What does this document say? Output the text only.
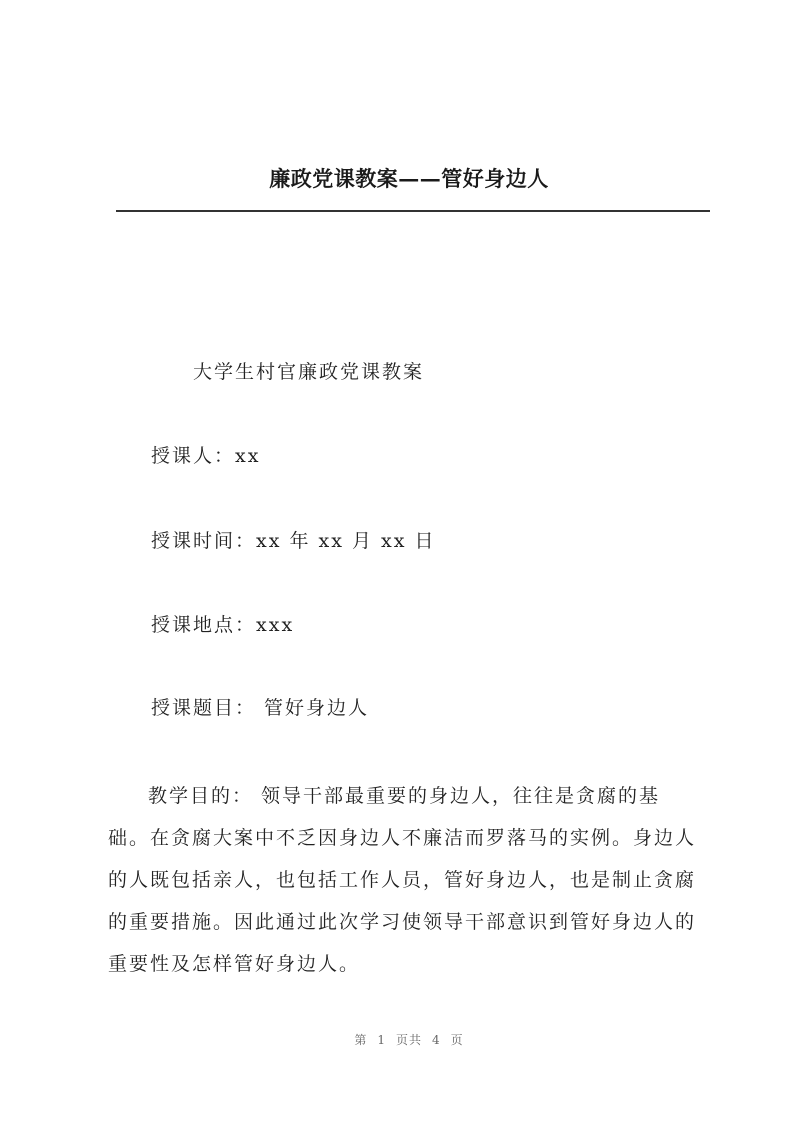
廉政党课教案——管好身边人
大学生村官廉政党课教案
授课人：xx
授课时间：xx 年 xx 月 xx 日
授课地点：xxx
授课题目： 管好身边人
教学目的： 领导干部最重要的身边人，往往是贪腐的基
础。在贪腐大案中不乏因身边人不廉洁而罗落马的实例。身边人
的人既包括亲人，也包括工作人员，管好身边人，也是制止贪腐
的重要措施。因此通过此次学习使领导干部意识到管好身边人的
重要性及怎样管好身边人。
第 1 页共 4 页
